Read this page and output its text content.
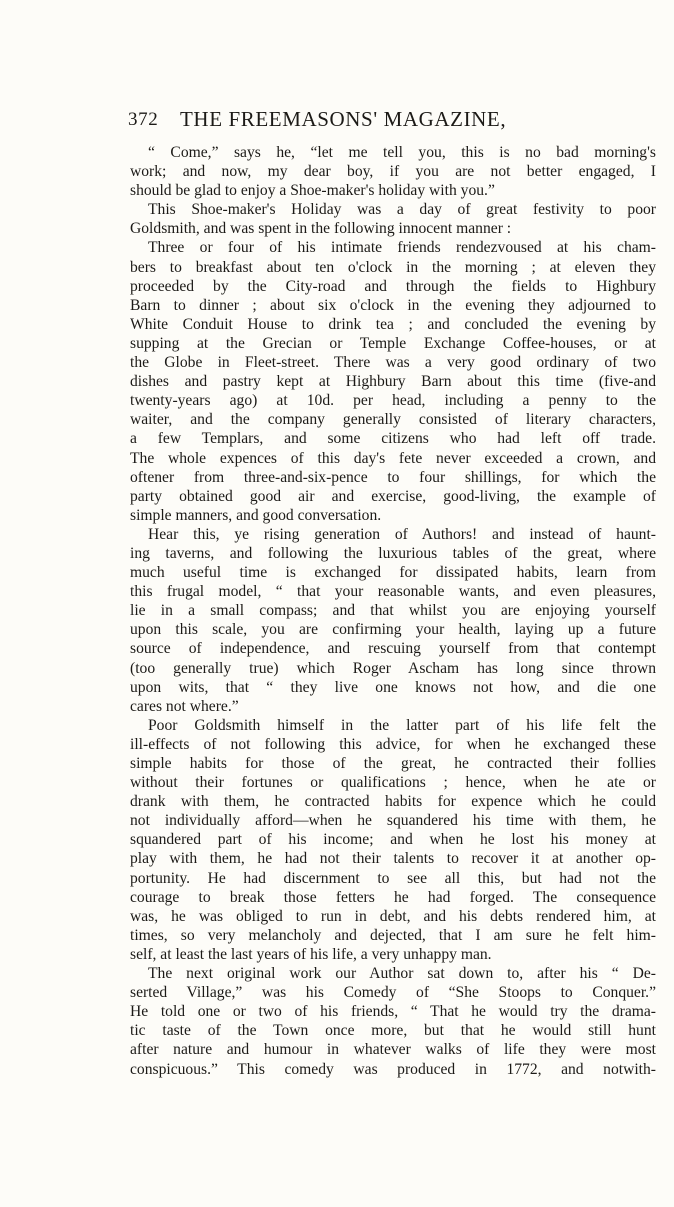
372 THE FREEMASONS' MAGAZINE,
“ Come,” says he, “let me tell you, this is no bad morning's
work; and now, my dear boy, if you are not better engaged, I
should be glad to enjoy a Shoe-maker's holiday with you.”
This Shoe-maker's Holiday was a day of great festivity to poor
Goldsmith, and was spent in the following innocent manner :
Three or four of his intimate friends rendezvoused at his cham-
bers to breakfast about ten o'clock in the morning ; at eleven they
proceeded by the City-road and through the fields to Highbury
Barn to dinner ; about six o'clock in the evening they adjourned to
White Conduit House to drink tea ; and concluded the evening by
supping at the Grecian or Temple Exchange Coffee-houses, or at
the Globe in Fleet-street. There was a very good ordinary of two
dishes and pastry kept at Highbury Barn about this time (five-and
twenty-years ago) at 10d. per head, including a penny to the
waiter, and the company generally consisted of literary characters,
a few Templars, and some citizens who had left off trade.
The whole expences of this day's fete never exceeded a crown, and
oftener from three-and-six-pence to four shillings, for which the
party obtained good air and exercise, good-living, the example of
simple manners, and good conversation.
Hear this, ye rising generation of Authors! and instead of haunt-
ing taverns, and following the luxurious tables of the great, where
much useful time is exchanged for dissipated habits, learn from
this frugal model, “ that your reasonable wants, and even pleasures,
lie in a small compass; and that whilst you are enjoying yourself
upon this scale, you are confirming your health, laying up a future
source of independence, and rescuing yourself from that contempt
(too generally true) which Roger Ascham has long since thrown
upon wits, that “ they live one knows not how, and die one
cares not where.”
Poor Goldsmith himself in the latter part of his life felt the
ill-effects of not following this advice, for when he exchanged these
simple habits for those of the great, he contracted their follies
without their fortunes or qualifications ; hence, when he ate or
drank with them, he contracted habits for expence which he could
not individually afford—when he squandered his time with them, he
squandered part of his income; and when he lost his money at
play with them, he had not their talents to recover it at another op-
portunity. He had discernment to see all this, but had not the
courage to break those fetters he had forged. The consequence
was, he was obliged to run in debt, and his debts rendered him, at
times, so very melancholy and dejected, that I am sure he felt him-
self, at least the last years of his life, a very unhappy man.
The next original work our Author sat down to, after his “ De-
serted Village,” was his Comedy of “She Stoops to Conquer.”
He told one or two of his friends, “ That he would try the drama-
tic taste of the Town once more, but that he would still hunt
after nature and humour in whatever walks of life they were most
conspicuous.” This comedy was produced in 1772, and notwith-
